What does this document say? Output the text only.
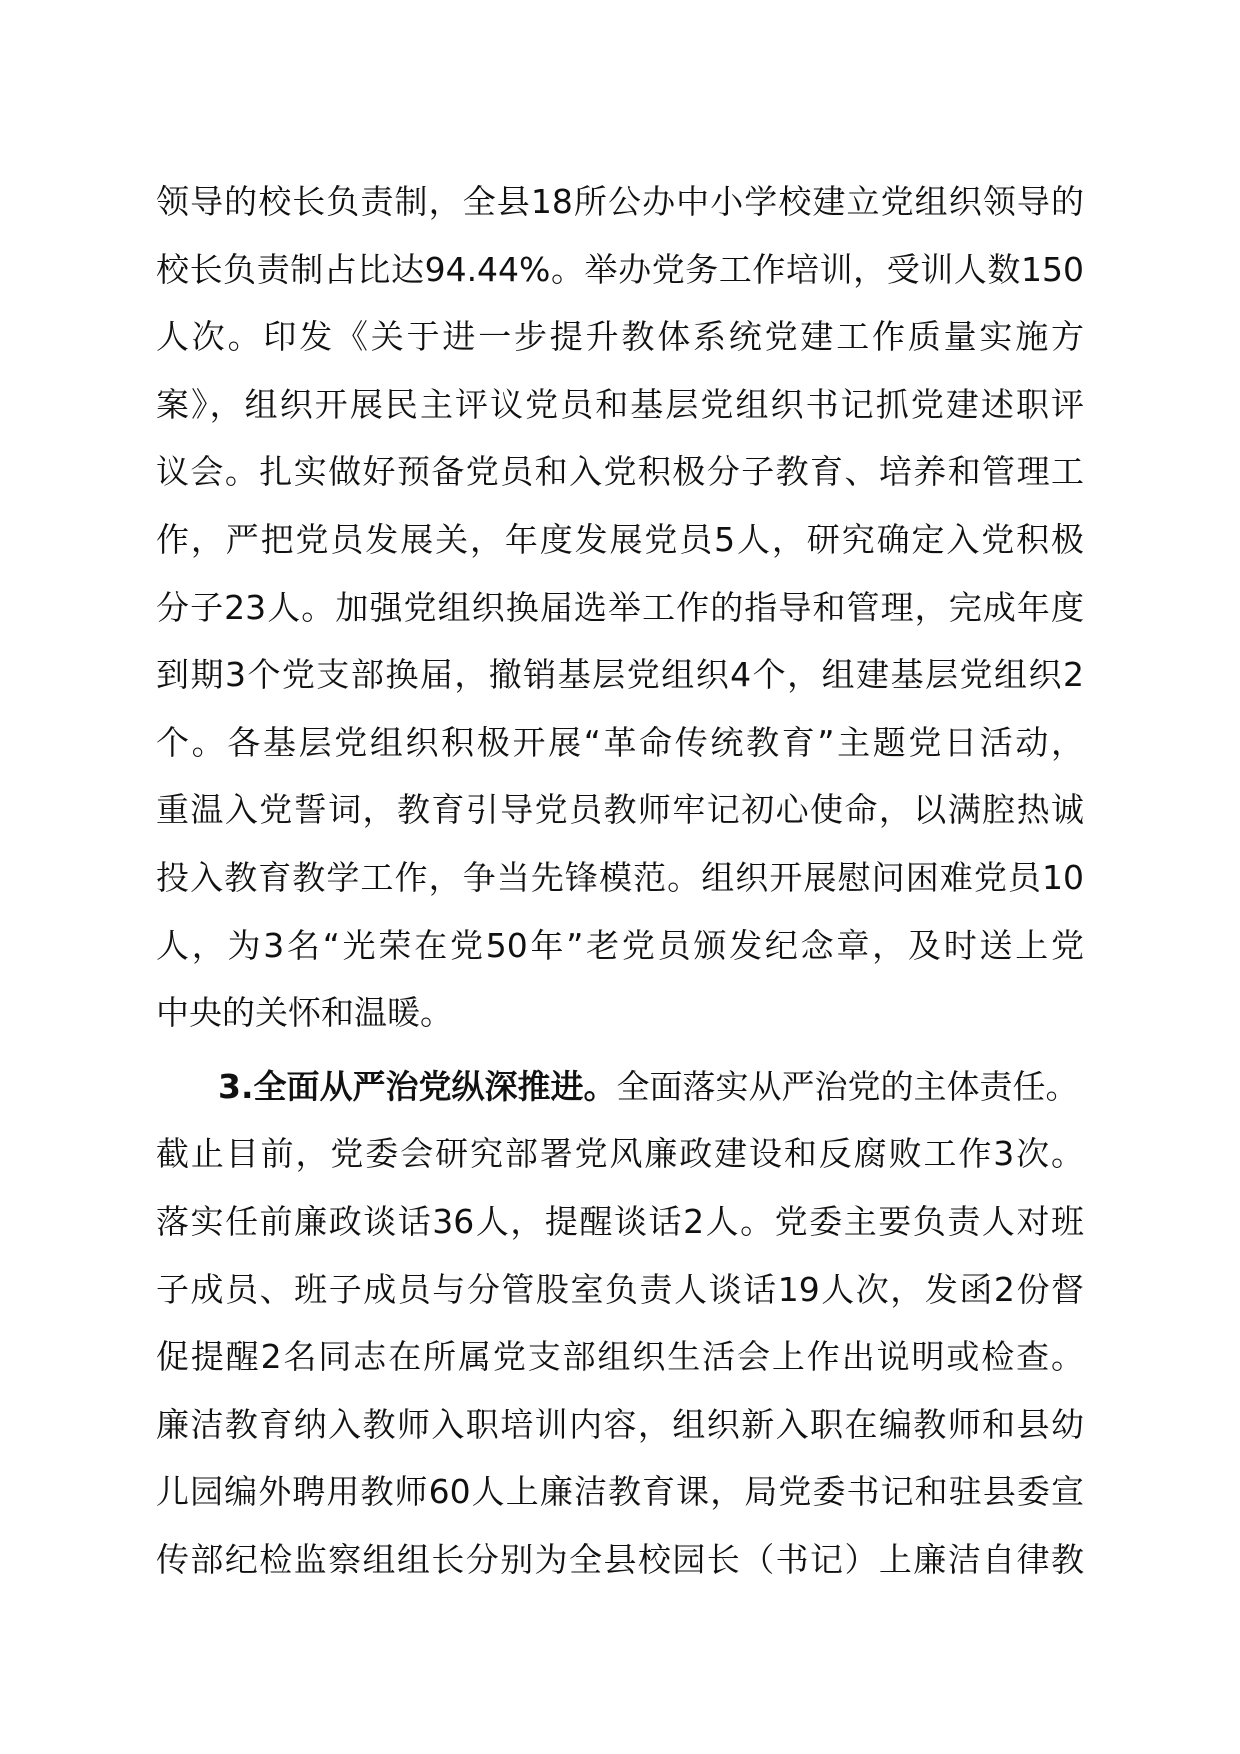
领导的校长负责制，全县18所公办中小学校建立党组织领导的
校长负责制占比达94.44%。举办党务工作培训，受训人数150
人次。印发《关于进一步提升教体系统党建工作质量实施方
案》，组织开展民主评议党员和基层党组织书记抓党建述职评
议会。扎实做好预备党员和入党积极分子教育、培养和管理工
作，严把党员发展关，年度发展党员5人，研究确定入党积极
分子23人。加强党组织换届选举工作的指导和管理，完成年度
到期3个党支部换届，撤销基层党组织4个，组建基层党组织2
个。各基层党组织积极开展“革命传统教育”主题党日活动，
重温入党誓词，教育引导党员教师牢记初心使命，以满腔热诚
投入教育教学工作，争当先锋模范。组织开展慰问困难党员10
人，为3名“光荣在党50年”老党员颁发纪念章，及时送上党
中央的关怀和温暖。
3.全面从严治党纵深推进。全面落实从严治党的主体责任。
截止目前，党委会研究部署党风廉政建设和反腐败工作3次。
落实任前廉政谈话36人，提醒谈话2人。党委主要负责人对班
子成员、班子成员与分管股室负责人谈话19人次，发函2份督
促提醒2名同志在所属党支部组织生活会上作出说明或检查。
廉洁教育纳入教师入职培训内容，组织新入职在编教师和县幼
儿园编外聘用教师60人上廉洁教育课，局党委书记和驻县委宣
传部纪检监察组组长分别为全县校园长（书记）上廉洁自律教
